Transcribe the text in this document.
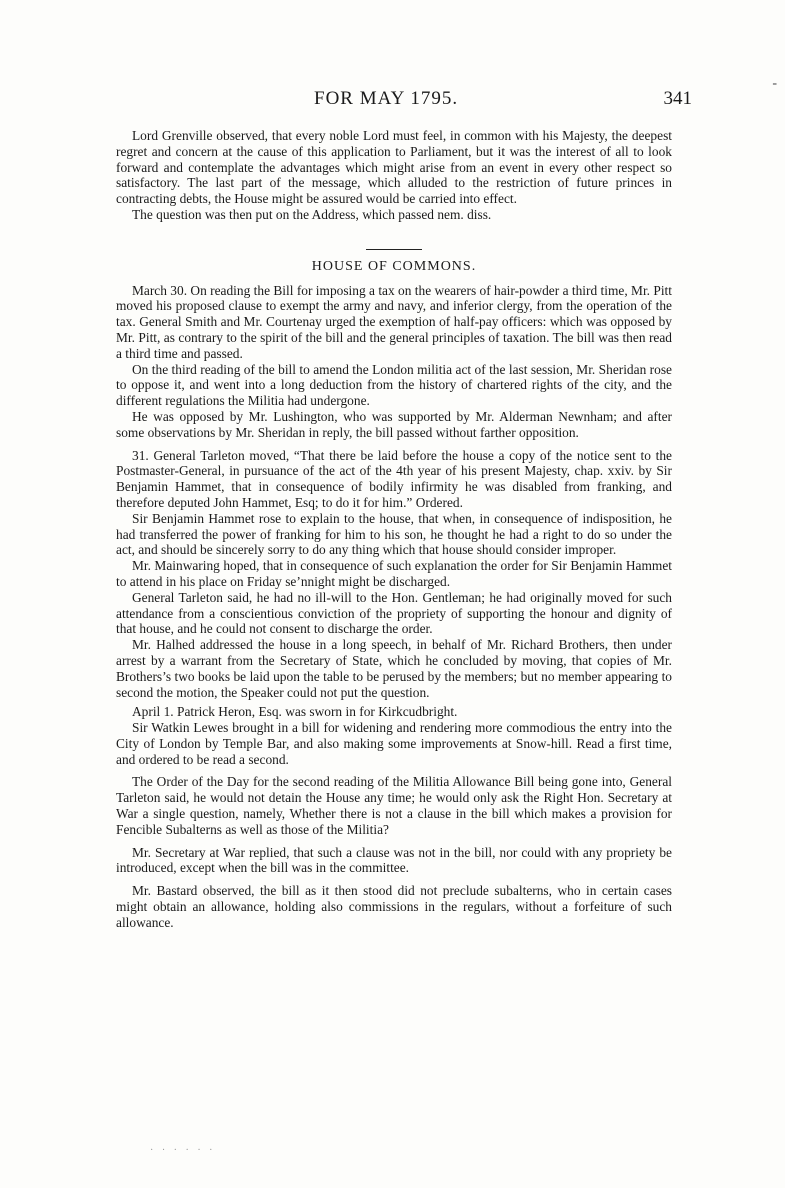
FOR MAY 1795.	341
-

Lord Grenville observed, that every noble Lord must feel, in common with his Majesty, the deepest regret and concern at the cause of this application to Parliament, but it was the interest of all to look forward and contemplate the advantages which might arise from an event in every other respect so satisfactory. The last part of the message, which alluded to the restriction of future princes in contracting debts, the House might be assured would be carried into effect.

The question was then put on the Address, which passed nem. diss.

HOUSE OF COMMONS.

March 30. On reading the Bill for imposing a tax on the wearers of hair-powder a third time, Mr. Pitt moved his proposed clause to exempt the army and navy, and inferior clergy, from the operation of the tax. General Smith and Mr. Courtenay urged the exemption of half-pay officers: which was opposed by Mr. Pitt, as contrary to the spirit of the bill and the general principles of taxation. The bill was then read a third time and passed.

On the third reading of the bill to amend the London militia act of the last session, Mr. Sheridan rose to oppose it, and went into a long deduction from the history of chartered rights of the city, and the different regulations the Militia had undergone.

He was opposed by Mr. Lushington, who was supported by Mr. Alderman Newnham; and after some observations by Mr. Sheridan in reply, the bill passed without farther opposition.

31. General Tarleton moved, “That there be laid before the house a copy of the notice sent to the Postmaster-General, in pursuance of the act of the 4th year of his present Majesty, chap. xxiv. by Sir Benjamin Hammet, that in consequence of bodily infirmity he was disabled from franking, and therefore deputed John Hammet, Esq; to do it for him.” Ordered.

Sir Benjamin Hammet rose to explain to the house, that when, in consequence of indisposition, he had transferred the power of franking for him to his son, he thought he had a right to do so under the act, and should be sincerely sorry to do any thing which that house should consider improper.

Mr. Mainwaring hoped, that in consequence of such explanation the order for Sir Benjamin Hammet to attend in his place on Friday se’nnight might be discharged.

General Tarleton said, he had no ill-will to the Hon. Gentleman; he had originally moved for such attendance from a conscientious conviction of the propriety of supporting the honour and dignity of that house, and he could not consent to discharge the order.

Mr. Halhed addressed the house in a long speech, in behalf of Mr. Richard Brothers, then under arrest by a warrant from the Secretary of State, which he concluded by moving, that copies of Mr. Brothers’s two books be laid upon the table to be perused by the members; but no member appearing to second the motion, the Speaker could not put the question.

April 1. Patrick Heron, Esq. was sworn in for Kirkcudbright.

Sir Watkin Lewes brought in a bill for widening and rendering more commodious the entry into the City of London by Temple Bar, and also making some improvements at Snow-hill. Read a first time, and ordered to be read a second.

The Order of the Day for the second reading of the Militia Allowance Bill being gone into, General Tarleton said, he would not detain the House any time; he would only ask the Right Hon. Secretary at War a single question, namely, Whether there is not a clause in the bill which makes a provision for Fencible Subalterns as well as those of the Militia?

Mr. Secretary at War replied, that such a clause was not in the bill, nor could with any propriety be introduced, except when the bill was in the committee.

Mr. Bastard observed, the bill as it then stood did not preclude subalterns, who in certain cases might obtain an allowance, holding also commissions in the regulars, without a forfeiture of such allowance.

· · · · · ·
